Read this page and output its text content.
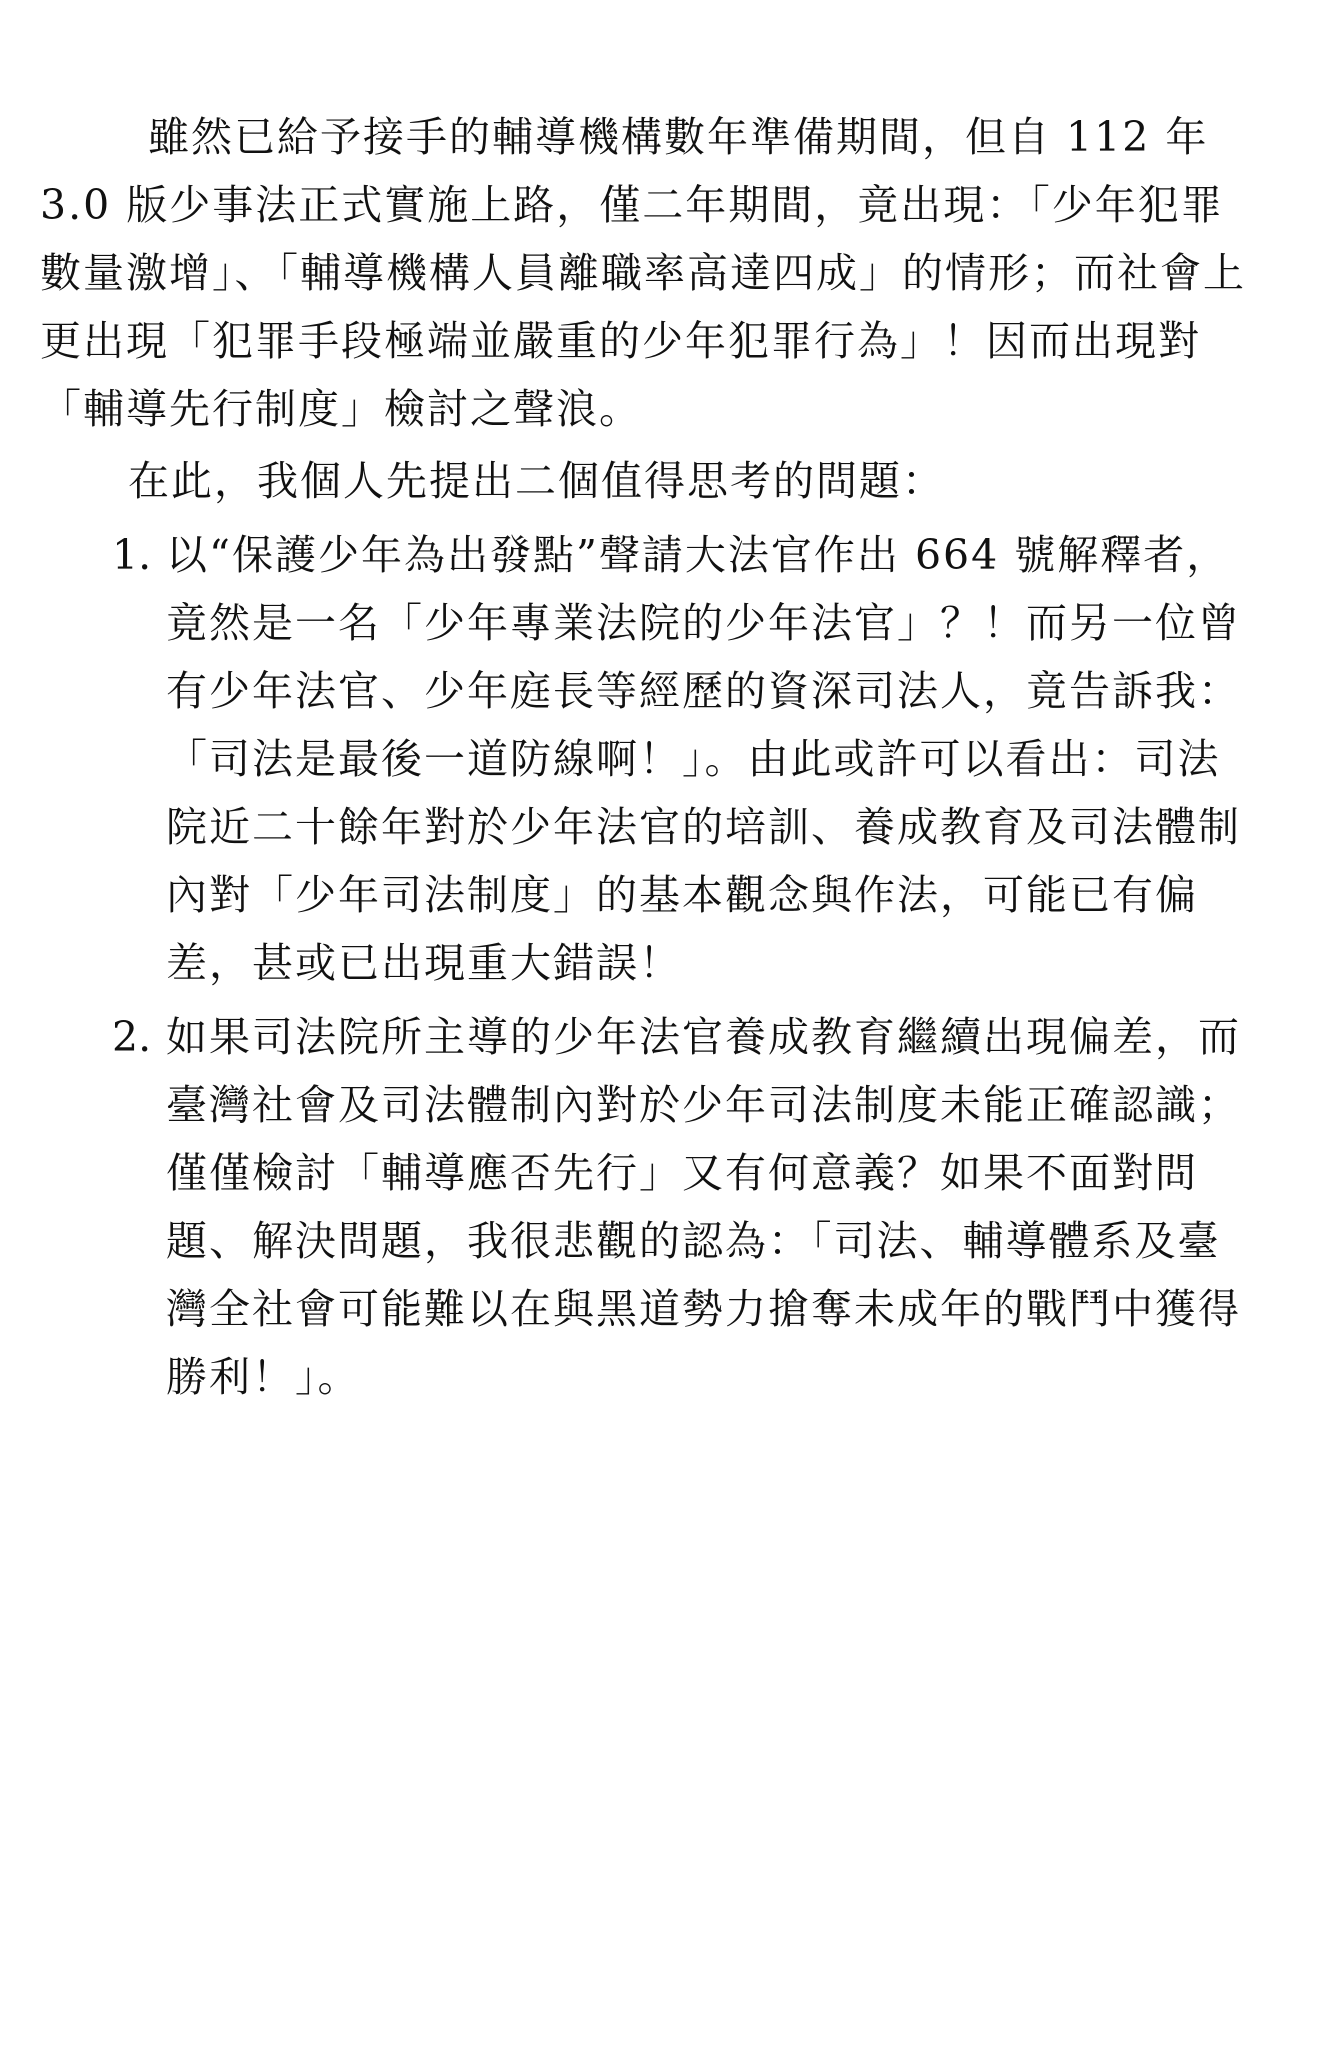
雖然已給予接手的輔導機構數年準備期間，但自 112 年
3.0 版少事法正式實施上路，僅二年期間，竟出現：「少年犯罪
數量激增」、「輔導機構人員離職率高達四成」的情形；而社會上
更出現「犯罪手段極端並嚴重的少年犯罪行為」！因而出現對
「輔導先行制度」檢討之聲浪。
在此，我個人先提出二個值得思考的問題：
1. 以“保護少年為出發點”聲請大法官作出 664 號解釋者，
竟然是一名「少年專業法院的少年法官」？！而另一位曾
有少年法官、少年庭長等經歷的資深司法人，竟告訴我：
「司法是最後一道防線啊！」。由此或許可以看出：司法
院近二十餘年對於少年法官的培訓、養成教育及司法體制
內對「少年司法制度」的基本觀念與作法，可能已有偏
差，甚或已出現重大錯誤！
2. 如果司法院所主導的少年法官養成教育繼續出現偏差，而
臺灣社會及司法體制內對於少年司法制度未能正確認識；
僅僅檢討「輔導應否先行」又有何意義？如果不面對問
題、解決問題，我很悲觀的認為：「司法、輔導體系及臺
灣全社會可能難以在與黑道勢力搶奪未成年的戰鬥中獲得
勝利！」。
